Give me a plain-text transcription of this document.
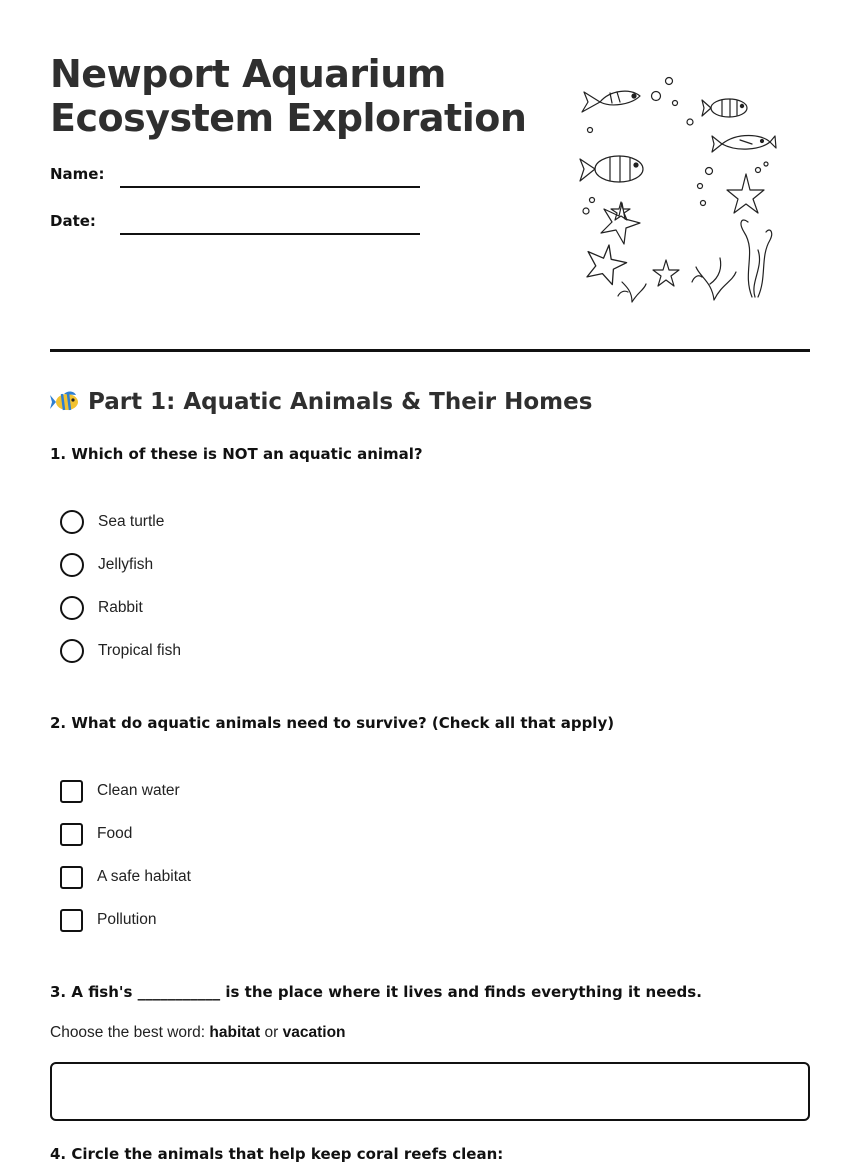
Newport Aquarium
Ecosystem Exploration
Name:
Date:
Part 1: Aquatic Animals & Their Homes

1. Which of these is NOT an aquatic animal?

Sea turtle
Jellyfish
Rabbit
Tropical fish

2. What do aquatic animals need to survive? (Check all that apply)

Clean water
Food
A safe habitat
Pollution

3. A fish's ___________ is the place where it lives and finds everything it needs.

Choose the best word: habitat or vacation

4. Circle the animals that help keep coral reefs clean:
